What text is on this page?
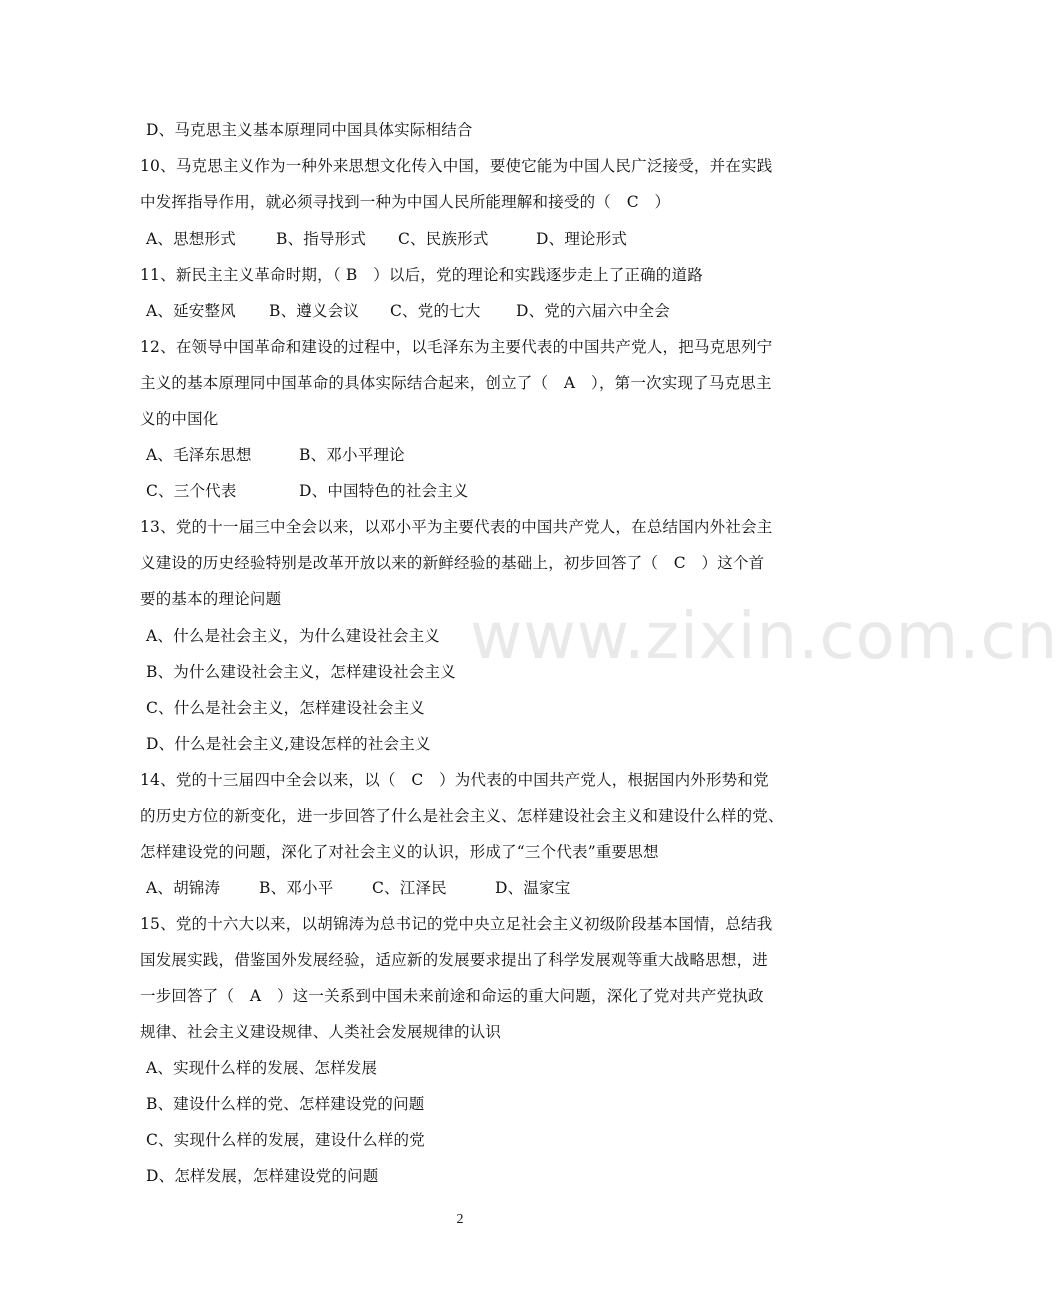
D、马克思主义基本原理同中国具体实际相结合
10、马克思主义作为一种外来思想文化传入中国，要使它能为中国人民广泛接受，并在实践
中发挥指导作用，就必须寻找到一种为中国人民所能理解和接受的（　C　）
A、思想形式	B、指导形式	C、民族形式	D、理论形式
11、新民主主义革命时期，（ B　）以后，党的理论和实践逐步走上了正确的道路
A、延安整风	B、遵义会议	C、党的七大	D、党的六届六中全会
12、在领导中国革命和建设的过程中，以毛泽东为主要代表的中国共产党人，把马克思列宁
主义的基本原理同中国革命的具体实际结合起来，创立了（　A　），第一次实现了马克思主
义的中国化
A、毛泽东思想	B、邓小平理论
C、三个代表	D、中国特色的社会主义
13、党的十一届三中全会以来，以邓小平为主要代表的中国共产党人，在总结国内外社会主
义建设的历史经验特别是改革开放以来的新鲜经验的基础上，初步回答了（　C　）这个首
要的基本的理论问题
A、什么是社会主义，为什么建设社会主义
B、为什么建设社会主义，怎样建设社会主义
C、什么是社会主义，怎样建设社会主义
D、什么是社会主义,建设怎样的社会主义
14、党的十三届四中全会以来，以（　C　）为代表的中国共产党人，根据国内外形势和党
的历史方位的新变化，进一步回答了什么是社会主义、怎样建设社会主义和建设什么样的党、
怎样建设党的问题，深化了对社会主义的认识，形成了“三个代表”重要思想
A、胡锦涛	B、邓小平	C、江泽民	D、温家宝
15、党的十六大以来，以胡锦涛为总书记的党中央立足社会主义初级阶段基本国情，总结我
国发展实践，借鉴国外发展经验，适应新的发展要求提出了科学发展观等重大战略思想，进
一步回答了（　A　）这一关系到中国未来前途和命运的重大问题，深化了党对共产党执政
规律、社会主义建设规律、人类社会发展规律的认识
A、实现什么样的发展、怎样发展
B、建设什么样的党、怎样建设党的问题
C、实现什么样的发展，建设什么样的党
D、怎样发展，怎样建设党的问题
www.zixin.com.cn
2
